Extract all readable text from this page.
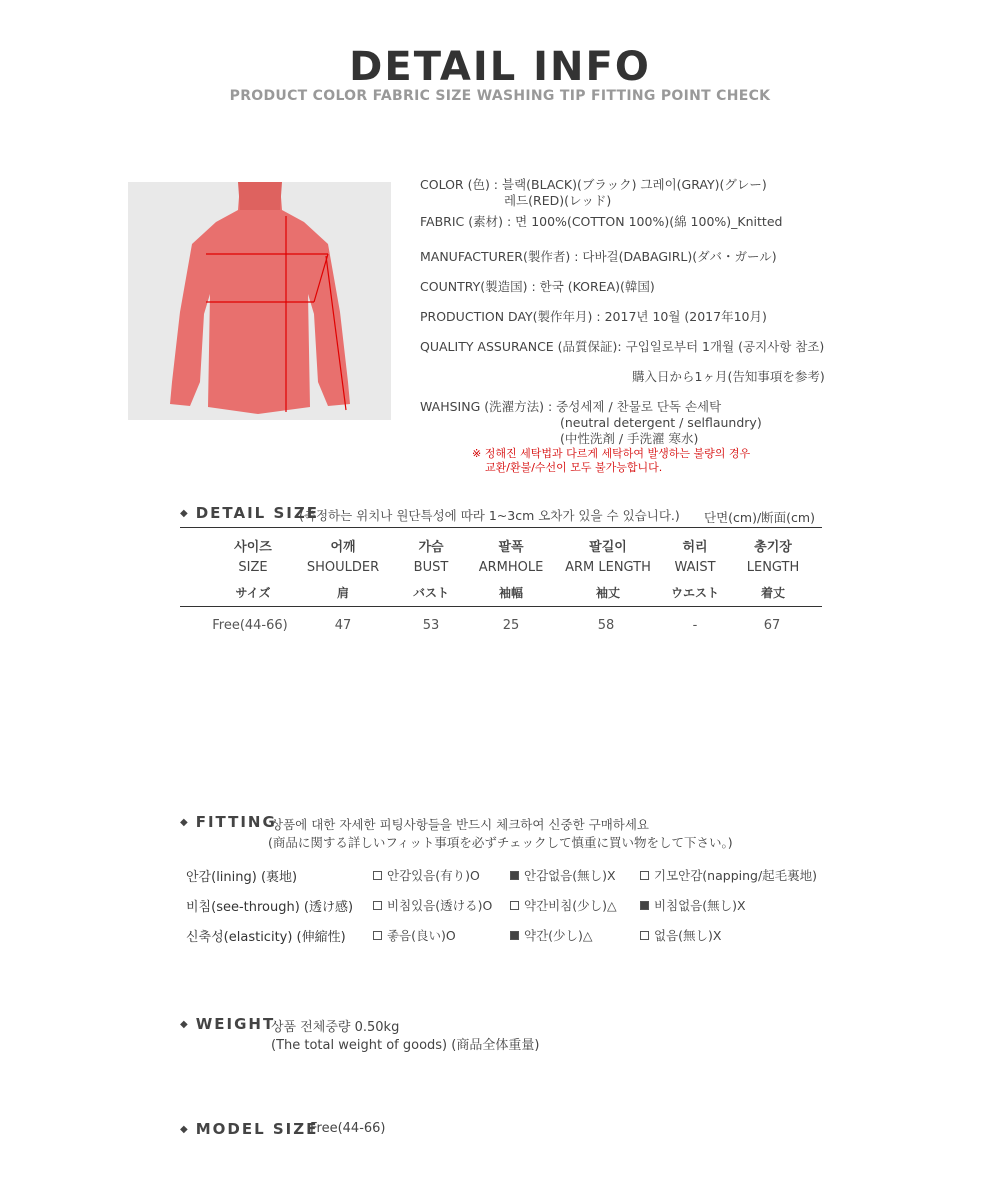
DETAIL INFO
PRODUCT COLOR FABRIC SIZE WASHING TIP FITTING POINT CHECK
COLOR (色) : 블랙(BLACK)(ブラック) 그레이(GRAY)(グレー)
레드(RED)(レッド)
FABRIC (素材) : 면 100%(COTTON 100%)(綿 100%)_Knitted
MANUFACTURER(製作者) : 다바걸(DABAGIRL)(ダバ・ガール)
COUNTRY(製造国) : 한국 (KOREA)(韓国)
PRODUCTION DAY(製作年月) : 2017년 10월 (2017年10月)
QUALITY ASSURANCE (品質保証): 구입일로부터 1개월 (공지사항 참조)
購入日から1ヶ月(告知事項を参考)
WAHSING (洗濯方法) : 중성세제 / 찬물로 단독 손세탁
(neutral detergent / selflaundry)
(中性洗剤 / 手洗濯 寒水)
※ 정해진 세탁법과 다르게 세탁하여 발생하는 불량의 경우
교환/환불/수선이 모두 불가능합니다.
◆ DETAIL SIZE
(측정하는 위치나 원단특성에 따라 1~3cm 오차가 있을 수 있습니다.) 단면(cm)/断面(cm)
사이즈	어깨	가슴	팔폭	팔길이	허리	총기장
SIZE	SHOULDER	BUST	ARMHOLE	ARM LENGTH	WAIST	LENGTH
サイズ	肩	バスト	袖幅	袖丈	ウエスト	着丈
Free(44-66)	47	53	25	58	-	67
◆ FITTING
상품에 대한 자세한 피팅사항들을 반드시 체크하여 신중한 구매하세요
(商品に関する詳しいフィット事項を必ずチェックして慎重に買い物をして下さい。)
안감(lining) (裏地)	안감있음(有り)O	안감없음(無し)X	기모안감(napping/起毛裏地)
비침(see-through) (透け感)	비침있음(透ける)O	약간비침(少し)△	비침없음(無し)X
신축성(elasticity) (伸縮性)	좋음(良い)O	약간(少し)△	없음(無し)X
◆ WEIGHT
상품 전체중량 0.50kg
(The total weight of goods) (商品全体重量)
◆ MODEL SIZE
Free(44-66)
